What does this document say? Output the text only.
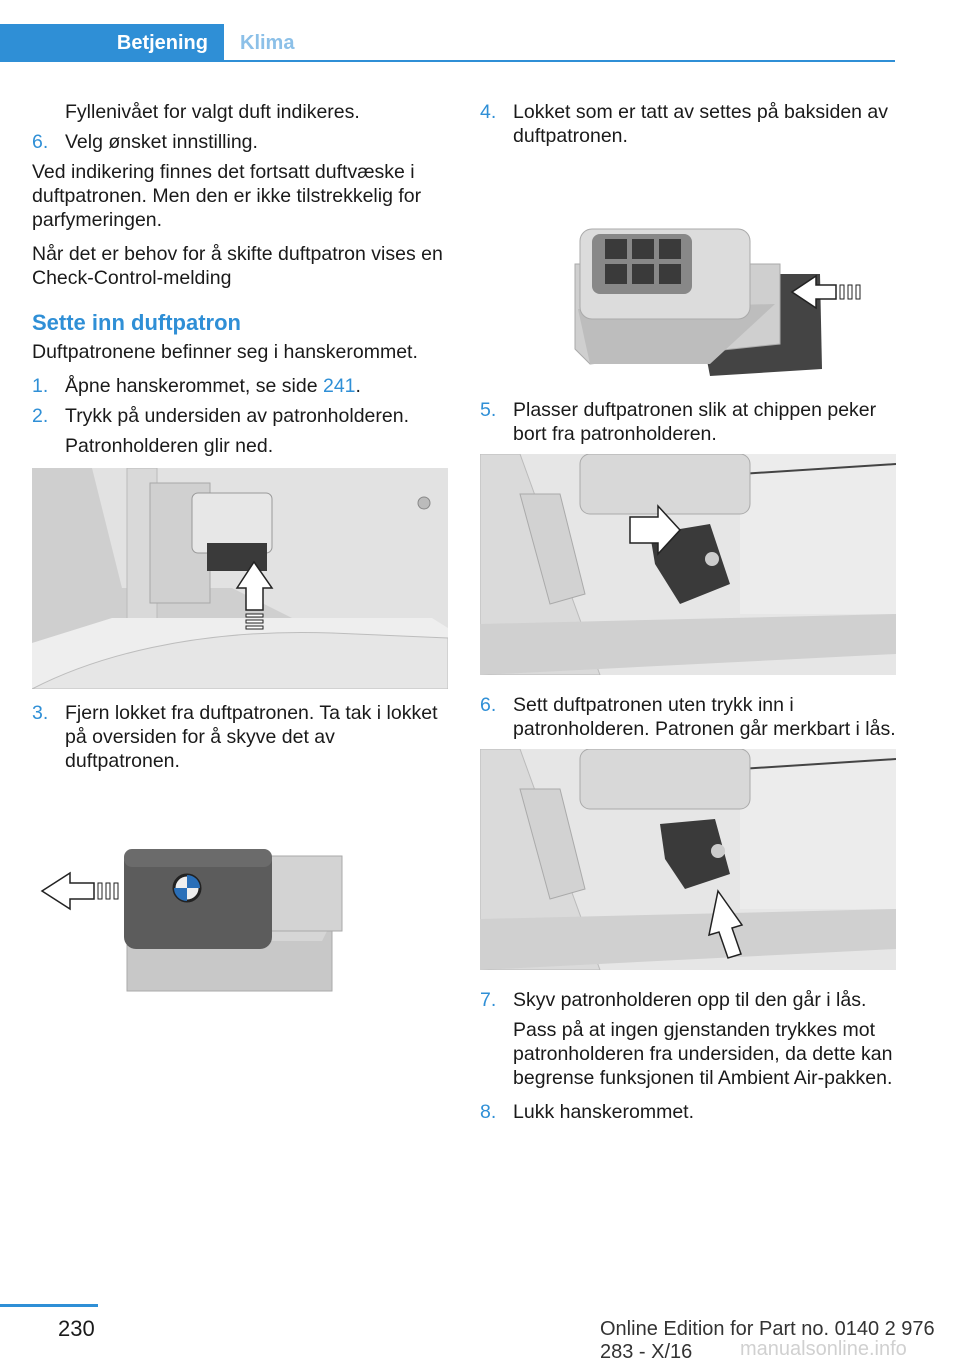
Betjening	Klima

Fyllenivået for valgt duft indikeres.

6. Velg ønsket innstilling.

Ved indikering finnes det fortsatt duftvæske i duftpatronen. Men den er ikke tilstrekkelig for parfymeringen.

Når det er behov for å skifte duftpatron vises en Check-Control-melding

Sette inn duftpatron

Duftpatronene befinner seg i hanskerommet.

1. Åpne hanskerommet, se side 241.
2. Trykk på undersiden av patronholderen.

Patronholderen glir ned.

3. Fjern lokket fra duftpatronen. Ta tak i lokket på oversiden for å skyve det av duftpatronen.
4. Lokket som er tatt av settes på baksiden av duftpatronen.
5. Plasser duftpatronen slik at chippen peker bort fra patronholderen.
6. Sett duftpatronen uten trykk inn i patronholderen. Patronen går merkbart i lås.
7. Skyv patronholderen opp til den går i lås.

Pass på at ingen gjenstanden trykkes mot patronholderen fra undersiden, da dette kan begrense funksjonen til Ambient Air-pakken.

8. Lukk hanskerommet.
230	Online Edition for Part no. 0140 2 976 283 - X/16	manualsonline.info
